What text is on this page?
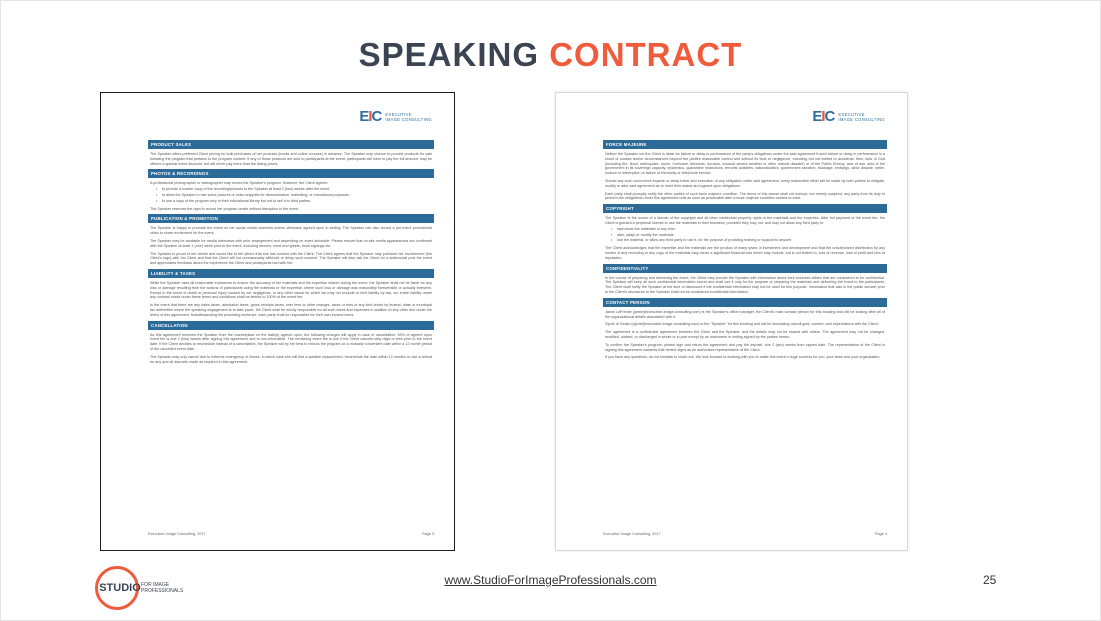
SPEAKING CONTRACT
EIC EXECUTIVE
IMAGE CONSULTING
PRODUCT SALES
The Speaker offers preferred Client pricing for bulk purchases of her products (books and online courses) in advance. The Speaker may choose to provide products for sale following the program that pertains to the program content. If any of those products are sold to participants at the event, participants will have to pay the full amount, may be offered a special event discount, but will never pay more than the listing prices.
PHOTOS & RECORDINGS
A professional photographer or videographer may record the Speaker's program. However, the Client agrees:
• to provide a master copy of the recording/pictures to the Speaker at least 2 (two) weeks after the event.
• to allow the Speaker to use some pictures or video snippets for demonstration, marketing, or educational purposes.
• to use a copy of the program only in their educational library but not to sell it to third parties.
The Speaker reserves the right to record her program onsite without disruption to the event.
PUBLICATION & PROMOTION
The Speaker is happy to promote the event on her social media channels unless otherwise agreed upon in writing. The Speaker can also record a pre-event promotional video to share excitement for the event.
The Speaker may be available for media interviews with prior arrangement and depending on event schedule. Please ensure that on-site media appearances are confirmed with the Speaker at least 1 (one) week prior to the event, including dinners, meet and greets, book signings etc.
The Speaker is proud of her clients and would like to tell others that she has worked with the Client. The Client agrees that the Speaker may publicize her involvement (the Client's logo) with the Client and that the Client will not unreasonably withhold or delay such consent. The Speaker will also ask the Client for a testimonial post the event and appreciates feedback about the experience the Client and participants had with her.
LIABILITY & TAXES
While the Speaker uses all reasonable endeavors to ensure the accuracy of the materials and the expertise shared during the event, the Speaker shall not be liable for any loss or damage resulting from the actions of participants using the materials or the expertise, where such loss or damage was reasonably foreseeable or actually foreseen. Except in the event of death or personal injury caused by our negligence, or any other cause for which we may not exclude or limit liability by law, our entire liability under any contract made under these terms and conditions shall be limited to 100% of the event fee.
In the event that there are any sales taxes, admission taxes, gross receipts taxes, user fees or other charges, taxes or fees of any kind levied by federal, state or municipal tax authorities where the speaking engagement is to take place, the Client shall be wholly responsible for all such taxes and expenses in addition to any other due under the terms of this agreement. Notwithstanding the preceding sentence, each party shall be responsible for their own income taxes.
CANCELLATION
As this agreement removes the Speaker from the marketplace on the date(s) agreed upon, the following charges will apply in case of cancellation: 50% of agreed upon event fee is due 2 (two) weeks after signing this agreement and is non-refundable. The remaining event fee is due if the Client cancels sixty days or less prior to the event date. If the Client decides to reschedule instead of a cancellation, the Speaker will try her best to rebook the program on a mutually convenient date within a 12 month period of the cancelled event date.
The Speaker may only cancel due to extreme emergency or illness, in which case she will find a suitable replacement, reschedule the date within 12 months or use a refund for any and all deposits made as required in this agreement.
Executive Image Consulting, 2017	Page 3
EIC EXECUTIVE
IMAGE CONSULTING
FORCE MAJEURE
Neither the Speaker nor the Client is liable for failure or delay in performance of the party's obligations under the said agreement if such failure or delay in performance is a result of causes and/or circumstances beyond the parties reasonable control and without its fault or negligence, including but not limited to accidents, fires, Acts of God (including fire, flood, earthquake, storm, hurricane, blizzards, tornado, unusual severe weather or other natural disaster) or of the Public Enemy, acts of war, acts of the government in its sovereign capacity, epidemics, quarantine restrictions, terrorist activities, nationalization, government sanction, blockage, embargo, labor dispute, strike, lockout or interruption or failure of electricity or telephone service.
Should any such occurrence impede or delay travel and execution of any obligation under said agreement, every reasonable effort will be made by both parties to mitigate, modify or alter said agreement as to meet their stated and agreed upon obligations.
Each party shall promptly notify the other parties of such force majeure condition. The terms of this clause shall not exempt, but merely suspend, any party from its duty to perform the obligations under this agreement until as soon as practicable after a force majeure condition ceases to exist.
COPYRIGHT
The Speaker is the owner of a license of the copyright and all other intellectual property rights in the materials and the expertise. After full payment of the event fee, the Client is granted a perpetual license to use the materials in their business, provided they may not, and may not allow any third party to:
• reproduce the materials in any form
• alter, adapt or modify the materials
• use the material, or allow any third party to use it, for the purpose of providing training or support to anyone.
The Client acknowledges that the expertise and the materials are the product of many years of investment and development and that the unauthorized distribution by any means of any recording or any copy of the materials may cause a significant financial loss which may include, but is not limited to, loss of revenue, loss of profit and loss of reputation.
CONFIDENTIALITY
In the course of preparing and delivering the event, the Client may provide the Speaker with information about their business affairs that are considered to be confidential. The Speaker will keep all such confidential information secret and shall use it only for the purpose of preparing the materials and delivering the event to the participants. The Client shall notify the Speaker at the time of disclosure if the confidential information may not be used for this purpose. Information that was in the public domain prior to the Client's disclosure to the Speaker shall not be considered confidential information.
CONTACT PERSON
Jamie LaFrenier (jamie@executive-image-consulting.com) is the Speaker's office manager, the Client's main contact person for this booking and will be looking after all of the organizational details associated with it.
Sylvie di Giusto (sylvie@executive-image-consulting.com) is the "Speaker" for this booking and will be discussing overall goal, content, and expectations with the Client.
The agreement is a confidential agreement between the Client and the Speaker, and the details may not be shared with others. The agreement may not be changed, modified, waived, or discharged in whole or in part except by an instrument in writing signed by the parties hereto.
To confirm the Speaker's program, please sign and return the agreement and pay the deposit, due 2 (two) weeks from signed date. The representative of the Client in signing this agreement warrants that he/she signs as an authorized representative of the Client.
If you have any questions, do not hesitate to reach out. We look forward to working with you to make this event a huge success for you, your team and your organization.
Executive Image Consulting, 2017	Page 4
STUDIO FOR IMAGE
PROFESSIONALS
www.StudioForImageProfessionals.com	25
